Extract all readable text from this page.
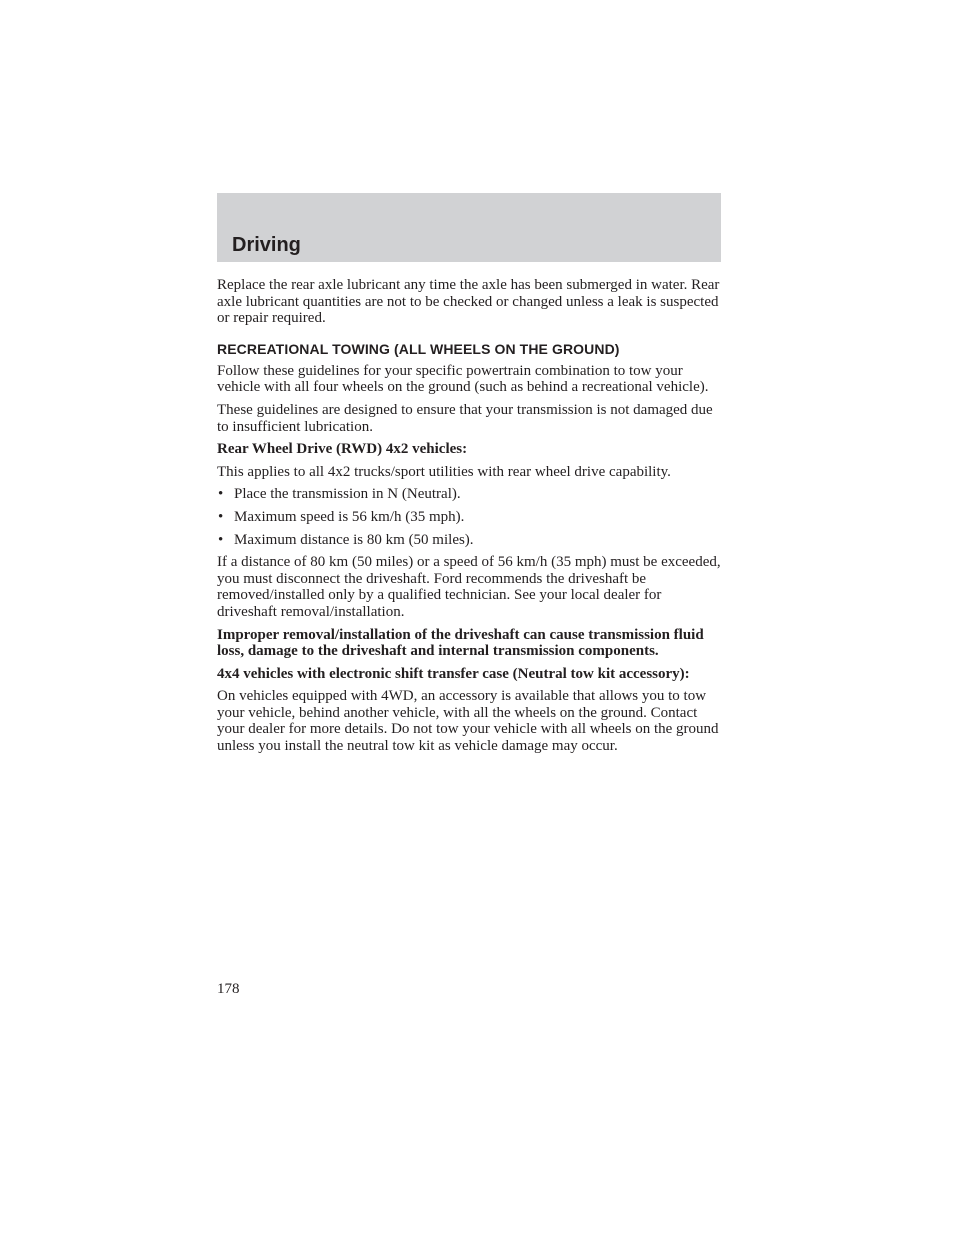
Driving

Replace the rear axle lubricant any time the axle has been submerged in water. Rear axle lubricant quantities are not to be checked or changed unless a leak is suspected or repair required.

RECREATIONAL TOWING (ALL WHEELS ON THE GROUND)

Follow these guidelines for your specific powertrain combination to tow your vehicle with all four wheels on the ground (such as behind a recreational vehicle).

These guidelines are designed to ensure that your transmission is not damaged due to insufficient lubrication.

Rear Wheel Drive (RWD) 4x2 vehicles:

This applies to all 4x2 trucks/sport utilities with rear wheel drive capability.

• Place the transmission in N (Neutral).
• Maximum speed is 56 km/h (35 mph).
• Maximum distance is 80 km (50 miles).

If a distance of 80 km (50 miles) or a speed of 56 km/h (35 mph) must be exceeded, you must disconnect the driveshaft. Ford recommends the driveshaft be removed/installed only by a qualified technician. See your local dealer for driveshaft removal/installation.

Improper removal/installation of the driveshaft can cause transmission fluid loss, damage to the driveshaft and internal transmission components.

4x4 vehicles with electronic shift transfer case (Neutral tow kit accessory):

On vehicles equipped with 4WD, an accessory is available that allows you to tow your vehicle, behind another vehicle, with all the wheels on the ground. Contact your dealer for more details. Do not tow your vehicle with all wheels on the ground unless you install the neutral tow kit as vehicle damage may occur.

178
